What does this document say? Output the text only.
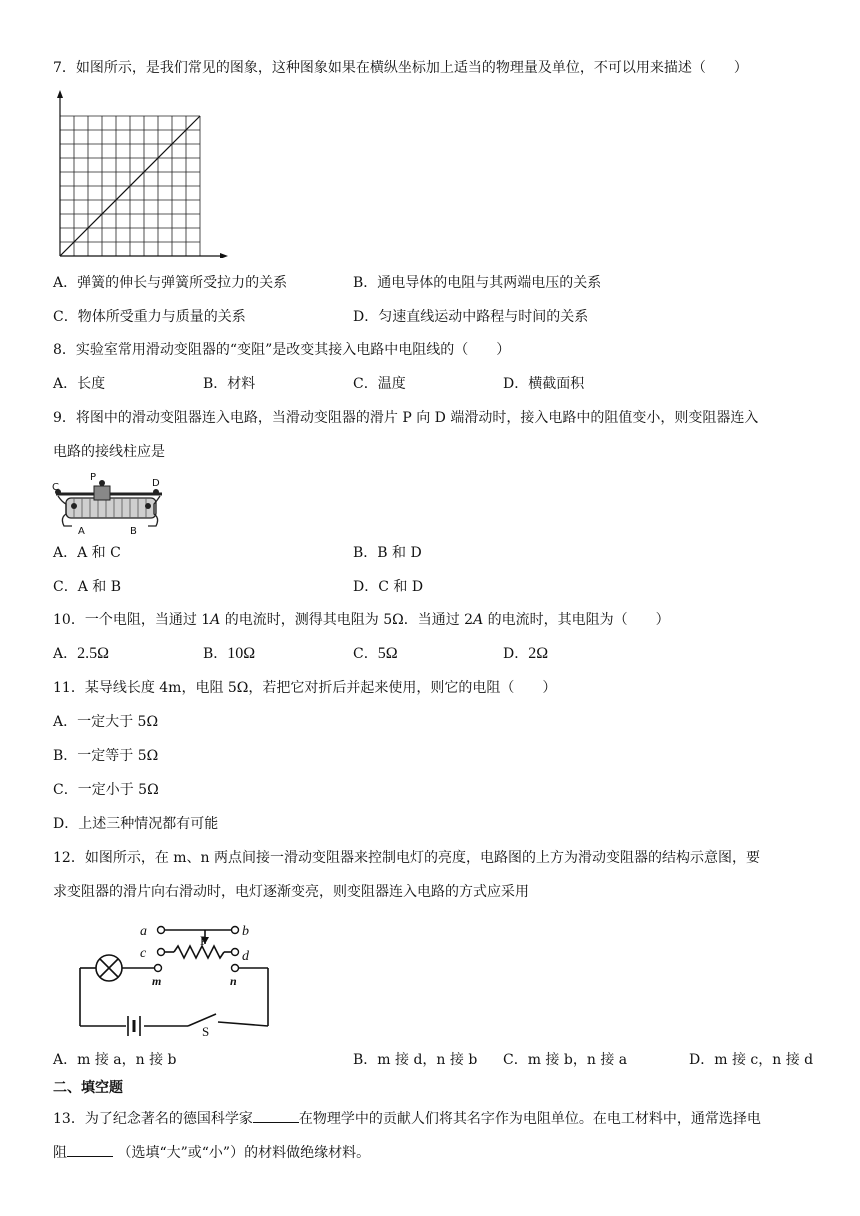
7．如图所示，是我们常见的图象，这种图象如果在横纵坐标加上适当的物理量及单位，不可以用来描述（　　）
A．弹簧的伸长与弹簧所受拉力的关系	B．通电导体的电阻与其两端电压的关系
C．物体所受重力与质量的关系	D．匀速直线运动中路程与时间的关系
8．实验室常用滑动变阻器的“变阻”是改变其接入电路中电阻线的（　　）
A．长度	B．材料	C．温度	D．横截面积
9．将图中的滑动变阻器连入电路，当滑动变阻器的滑片 P 向 D 端滑动时，接入电路中的阻值变小，则变阻器连入
电路的接线柱应是
C
P
D
A	B
A．A 和 C	B．B 和 D
C．A 和 B	D．C 和 D
10．一个电阻，当通过 1A 的电流时，测得其电阻为 5Ω．当通过 2A 的电流时，其电阻为（　　）
A．2.5Ω	B．10Ω	C．5Ω	D．2Ω
11．某导线长度 4m，电阻 5Ω，若把它对折后并起来使用，则它的电阻（　　）
A．一定大于 5Ω
B．一定等于 5Ω
C．一定小于 5Ω
D．上述三种情况都有可能
12．如图所示，在 m、n 两点间接一滑动变阻器来控制电灯的亮度，电路图的上方为滑动变阻器的结构示意图，要
求变阻器的滑片向右滑动时，电灯逐渐变亮，则变阻器连入电路的方式应采用
a	b
c	d
P
m	n
S
A．m 接 a，n 接 b	B．m 接 d，n 接 b C．m 接 b，n 接 a	D．m 接 c，n 接 d
二、填空题
13．为了纪念著名的德国科学家	在物理学中的贡献人们将其名字作为电阻单位。在电工材料中，通常选择电
阻	（选填“大”或“小”）的材料做绝缘材料。
